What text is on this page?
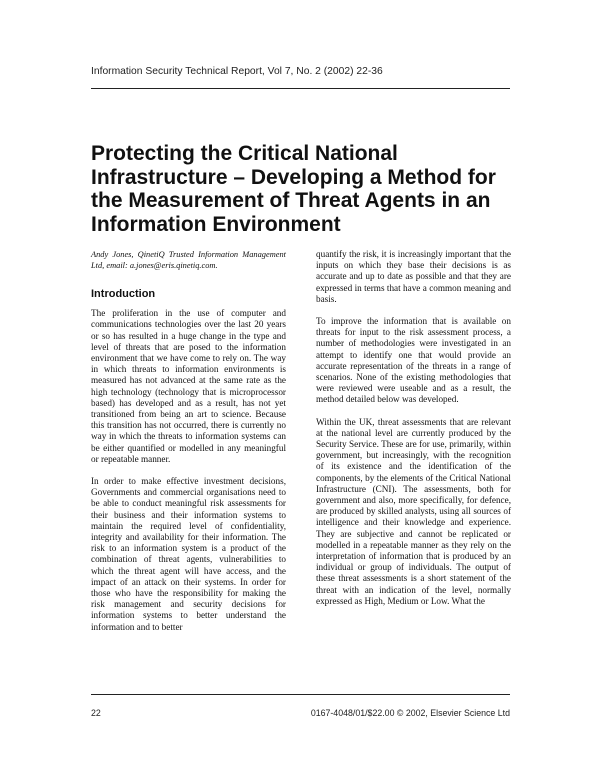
Information Security Technical Report, Vol 7, No. 2 (2002) 22-36
Protecting the Critical National Infrastructure – Developing a Method for the Measurement of Threat Agents in an Information Environment

Andy Jones, QinetiQ Trusted Information Management Ltd, email: a.jones@eris.qinetiq.com.

Introduction

The proliferation in the use of computer and communications technologies over the last 20 years or so has resulted in a huge change in the type and level of threats that are posed to the information environment that we have come to rely on. The way in which threats to information environments is measured has not advanced at the same rate as the high technology (technology that is microprocessor based) has developed and as a result, has not yet transitioned from being an art to science. Because this transition has not occurred, there is currently no way in which the threats to information systems can be either quantified or modelled in any meaningful or repeatable manner.

In order to make effective investment decisions, Governments and commercial organisations need to be able to conduct meaningful risk assessments for their business and their information systems to maintain the required level of confidentiality, integrity and availability for their information. The risk to an information system is a product of the combination of threat agents, vulnerabilities to which the threat agent will have access, and the impact of an attack on their systems. In order for those who have the responsibility for making the risk management and security decisions for information systems to better understand the information and to better

quantify the risk, it is increasingly important that the inputs on which they base their decisions is as accurate and up to date as possible and that they are expressed in terms that have a common meaning and basis.

To improve the information that is available on threats for input to the risk assessment process, a number of methodologies were investigated in an attempt to identify one that would provide an accurate representation of the threats in a range of scenarios. None of the existing methodologies that were reviewed were useable and as a result, the method detailed below was developed.

Within the UK, threat assessments that are relevant at the national level are currently produced by the Security Service. These are for use, primarily, within government, but increasingly, with the recognition of its existence and the identification of the components, by the elements of the Critical National Infrastructure (CNI). The assessments, both for government and also, more specifically, for defence, are produced by skilled analysts, using all sources of intelligence and their knowledge and experience. They are subjective and cannot be replicated or modelled in a repeatable manner as they rely on the interpretation of information that is produced by an individual or group of individuals. The output of these threat assessments is a short statement of the threat with an indication of the level, normally expressed as High, Medium or Low. What the

22	0167-4048/01/$22.00 © 2002, Elsevier Science Ltd
